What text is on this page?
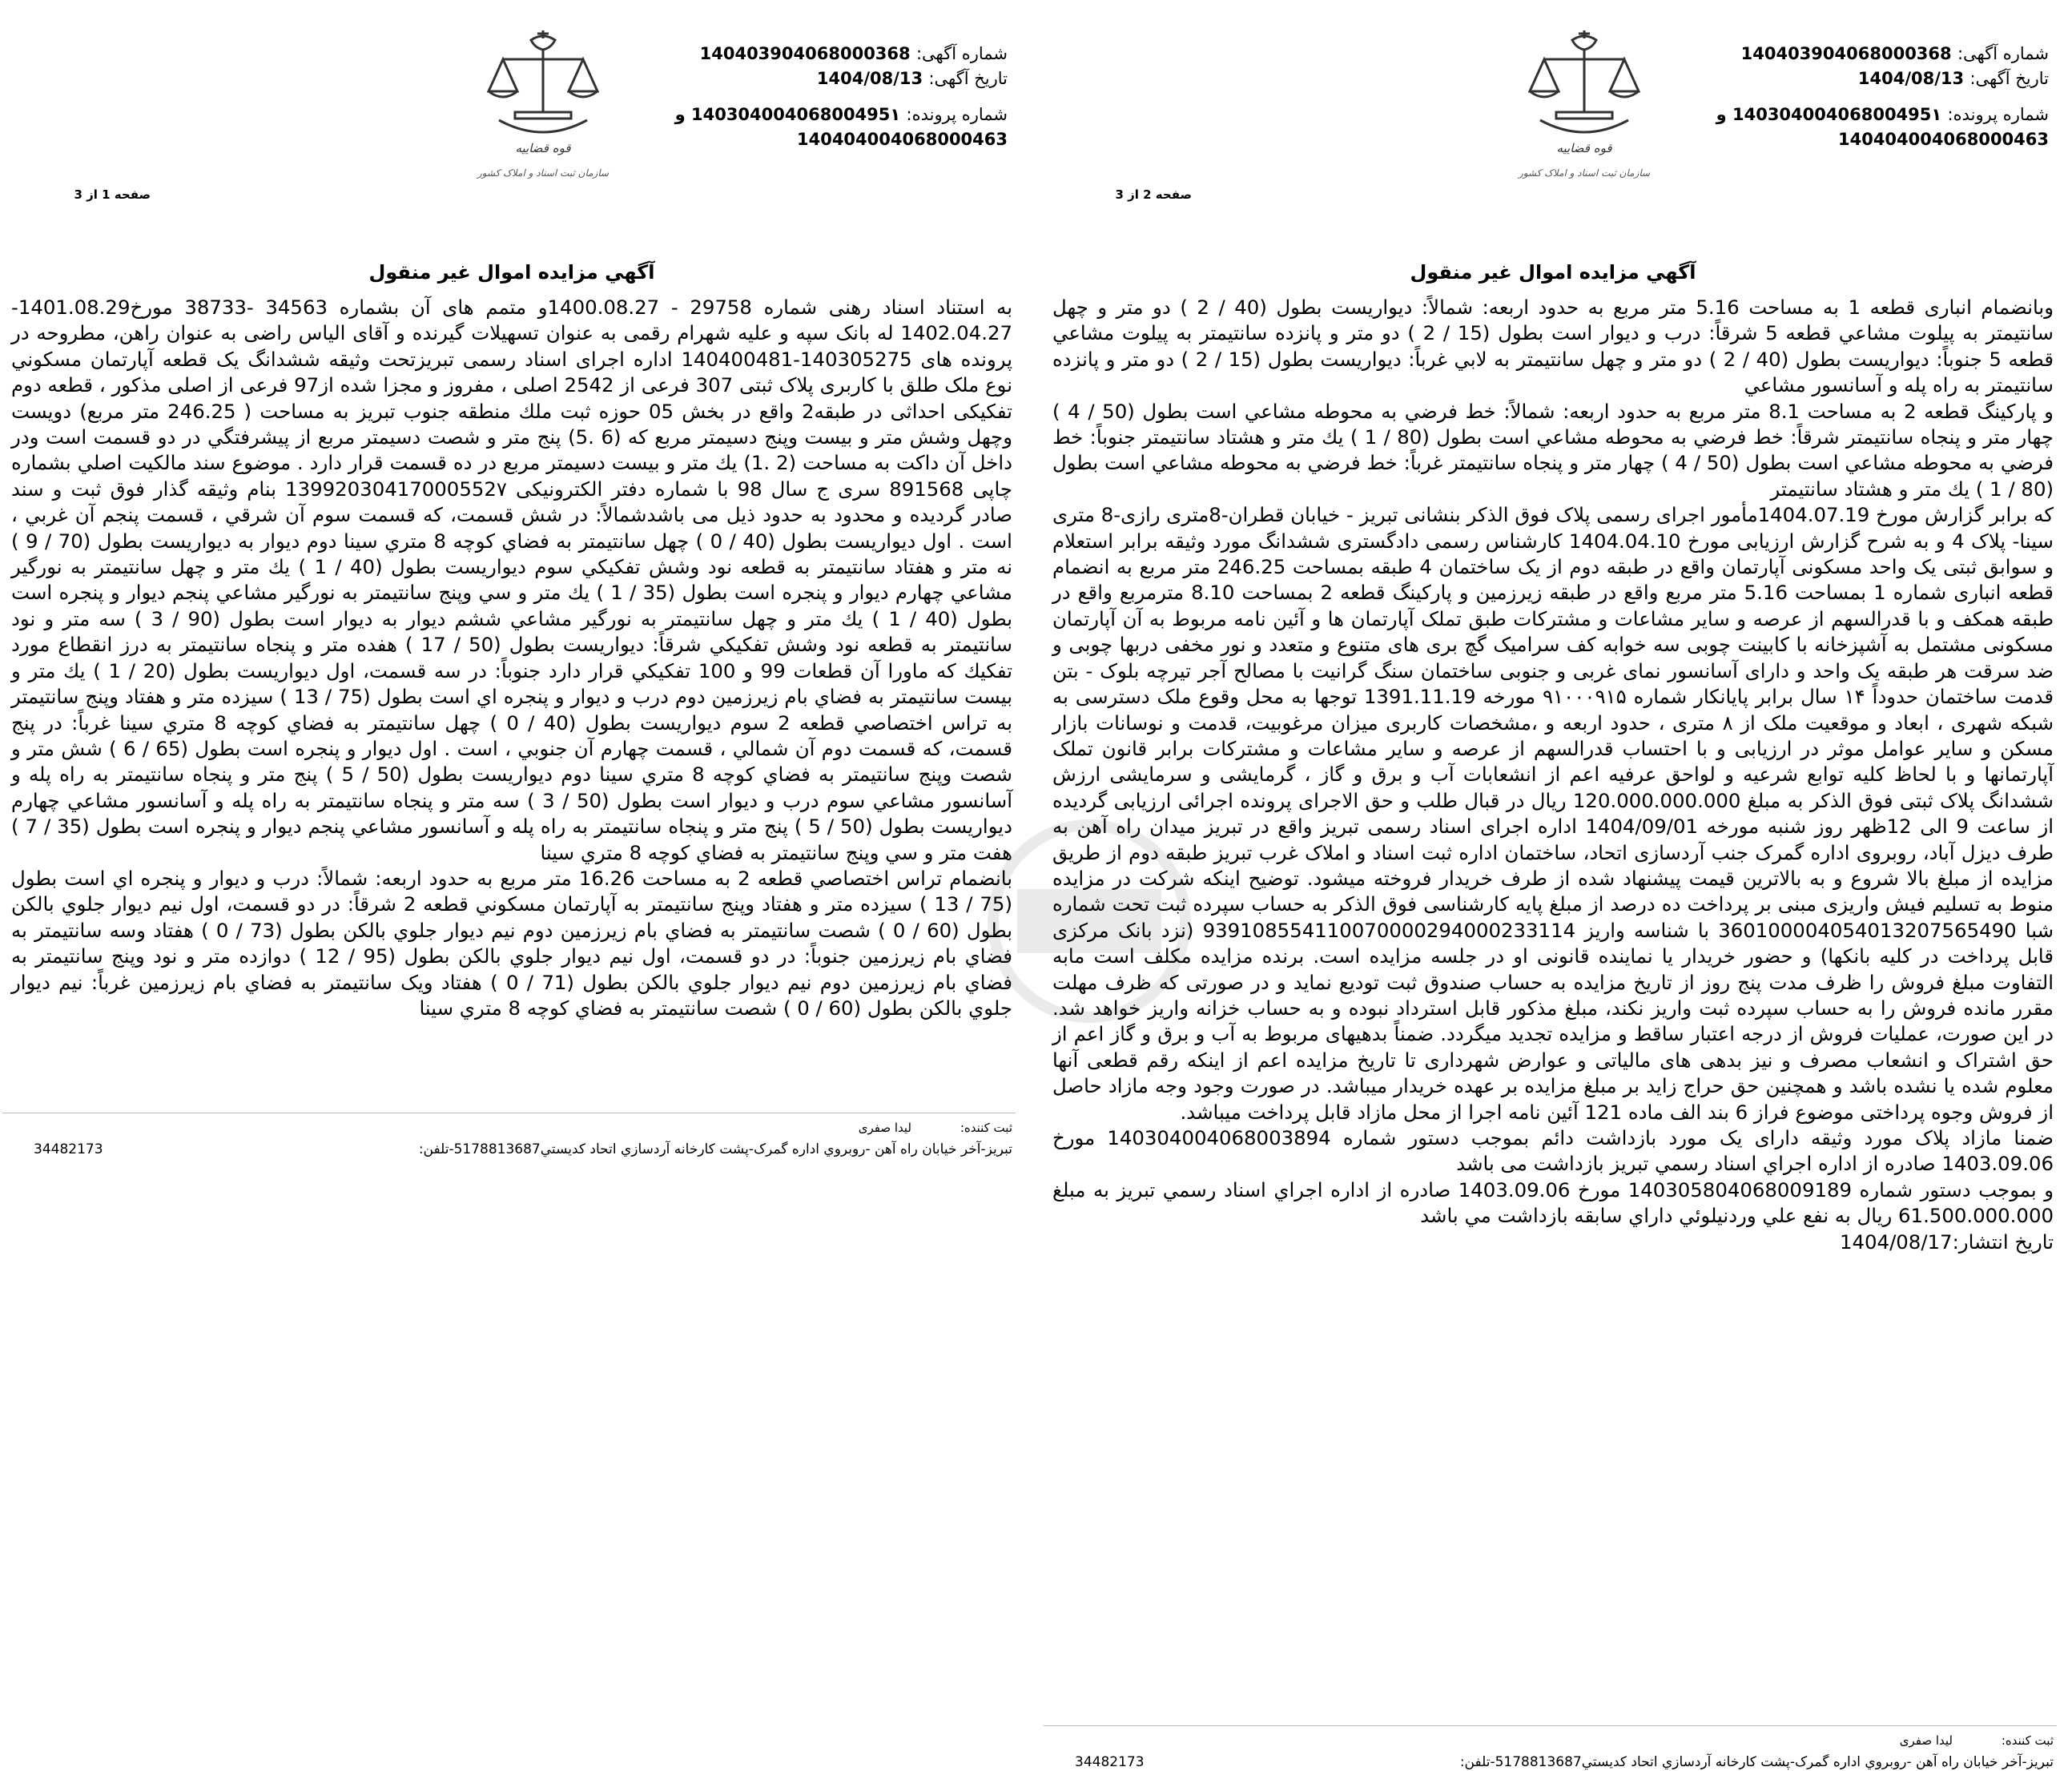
شماره آگهی: 140403904068000368
تاریخ آگهی: 1404/08/13
شماره پرونده: 14030400406800495۱ و
140404004068000463
قوه قضاییه
سازمان ثبت اسناد و املاک کشور
صفحه 1 از 3
آگهي مزايده اموال غير منقول

به استناد اسناد رهنی شماره 29758 - 1400.08.27و متمم های آن بشماره 34563 -38733 مورخ1401.08.29-1402.04.27 له بانک سپه و علیه شهرام رقمی به عنوان تسهیلات گیرنده و آقای الیاس راضی به عنوان راهن، مطروحه در پرونده های 140305275-140400481 اداره اجرای اسناد رسمی تبریزتحت وثیقه ششدانگ یک قطعه آپارتمان مسکوني نوع ملک طلق با کاربری پلاک ثبتی 307 فرعی از 2542 اصلی ، مفروز و مجزا شده از97 فرعی از اصلی مذکور ، قطعه دوم تفکیکی احداثی در طبقه2 واقع در بخش 05 حوزه ثبت ملك منطقه جنوب تبريز به مساحت ( 246.25 متر مربع) دويست وچهل وشش متر و بيست وپنج دسيمتر مربع كه (6 .5) پنج متر و شصت دسيمتر مربع از پيشرفتگي در دو قسمت است ودر داخل آن داكت به مساحت (2 .1) يك متر و بيست دسيمتر مربع در ده قسمت قرار دارد . موضوع سند مالكيت اصلي بشماره چاپی 891568 سری ج سال 98 با شماره دفتر الکترونیکی 13992030417000552۷ بنام وثیقه گذار فوق ثبت و سند صادر گردیده و محدود به حدود ذيل می باشدشمالاً: در شش قسمت، كه قسمت سوم آن شرقي ، قسمت پنجم آن غربي ، است . اول ديواريست بطول (40 / 0 ) چهل سانتيمتر به فضاي كوچه 8 متري سينا دوم ديوار به ديواريست بطول (70 / 9 ) نه متر و هفتاد سانتيمتر به قطعه نود وشش تفكيكي سوم ديواريست بطول (40 / 1 ) يك متر و چهل سانتيمتر به نورگير مشاعي چهارم ديوار و پنجره است بطول (35 / 1 ) يك متر و سي وپنج سانتيمتر به نورگير مشاعي پنجم ديوار و پنجره است بطول (40 / 1 ) يك متر و چهل سانتيمتر به نورگير مشاعي ششم ديوار به ديوار است بطول (90 / 3 ) سه متر و نود سانتيمتر به قطعه نود وشش تفكيكي شرقاً: ديواريست بطول (50 / 17 ) هفده متر و پنجاه سانتيمتر به درز انقطاع مورد تفكيك كه ماورا آن قطعات 99 و 100 تفكيكي قرار دارد جنوباً: در سه قسمت، اول ديواريست بطول (20 / 1 ) يك متر و بيست سانتيمتر به فضاي بام زيرزمين دوم درب و ديوار و پنجره اي است بطول (75 / 13 ) سيزده متر و هفتاد وپنج سانتيمتر به تراس اختصاصي قطعه 2 سوم ديواريست بطول (40 / 0 ) چهل سانتيمتر به فضاي كوچه 8 متري سينا غرباً: در پنج قسمت، كه قسمت دوم آن شمالي ، قسمت چهارم آن جنوبي ، است . اول ديوار و پنجره است بطول (65 / 6 ) شش متر و شصت وپنج سانتيمتر به فضاي كوچه 8 متري سينا دوم ديواريست بطول (50 / 5 ) پنج متر و پنجاه سانتيمتر به راه پله و آسانسور مشاعي سوم درب و ديوار است بطول (50 / 3 ) سه متر و پنجاه سانتيمتر به راه پله و آسانسور مشاعي چهارم ديواريست بطول (50 / 5 ) پنج متر و پنجاه سانتيمتر به راه پله و آسانسور مشاعي پنجم ديوار و پنجره است بطول (35 / 7 ) هفت متر و سي وپنج سانتيمتر به فضاي كوچه 8 متري سينا

بانضمام تراس اختصاصي قطعه 2 به مساحت 16.26 متر مربع به حدود اربعه: شمالاً: درب و ديوار و پنجره اي است بطول (75 / 13 ) سيزده متر و هفتاد وپنج سانتيمتر به آپارتمان مسكوني قطعه 2 شرقاً: در دو قسمت، اول نيم ديوار جلوي بالكن بطول (60 / 0 ) شصت سانتيمتر به فضاي بام زيرزمين دوم نيم ديوار جلوي بالكن بطول (73 / 0 ) هفتاد وسه سانتيمتر به فضاي بام زيرزمين جنوباً: در دو قسمت، اول نيم ديوار جلوي بالكن بطول (95 / 12 ) دوازده متر و نود وپنج سانتيمتر به فضاي بام زيرزمين دوم نيم ديوار جلوي بالكن بطول (71 / 0 ) هفتاد ويک سانتيمتر به فضاي بام زيرزمين غرباً: نيم ديوار جلوي بالكن بطول (60 / 0 ) شصت سانتيمتر به فضاي كوچه 8 متري سينا

ثبت کننده:
لیدا صفری
تبريز-آخر خيابان راه آهن -روبروي اداره گمرک-پشت کارخانه آردسازي اتحاد کديستي5178813687-تلفن:
34482173
شماره آگهی: 140403904068000368
تاریخ آگهی: 1404/08/13
شماره پرونده: 14030400406800495۱ و
140404004068000463
قوه قضاییه
سازمان ثبت اسناد و املاک کشور
صفحه 2 از 3
آگهي مزايده اموال غير منقول

وبانضمام انباری قطعه 1 به مساحت 5.16 متر مربع به حدود اربعه: شمالاً: ديواريست بطول (40 / 2 ) دو متر و چهل سانتيمتر به پيلوت مشاعي قطعه 5 شرقاً: درب و ديوار است بطول (15 / 2 ) دو متر و پانزده سانتيمتر به پيلوت مشاعي قطعه 5 جنوباً: ديواريست بطول (40 / 2 ) دو متر و چهل سانتيمتر به لابي غرباً: ديواريست بطول (15 / 2 ) دو متر و پانزده سانتيمتر به راه پله و آسانسور مشاعي

و پاركينگ قطعه 2 به مساحت 8.1 متر مربع به حدود اربعه: شمالاً: خط فرضي به محوطه مشاعي است بطول (50 / 4 ) چهار متر و پنجاه سانتيمتر شرقاً: خط فرضي به محوطه مشاعي است بطول (80 / 1 ) يك متر و هشتاد سانتيمتر جنوباً: خط فرضي به محوطه مشاعي است بطول (50 / 4 ) چهار متر و پنجاه سانتيمتر غرباً: خط فرضي به محوطه مشاعي است بطول (80 / 1 ) يك متر و هشتاد سانتيمتر

كه برابر گزارش مورخ 1404.07.19مأمور اجرای رسمی پلاک فوق الذکر بنشانی تبریز - خیابان قطران-8متری رازی-8 متری سینا- پلاک 4 و به شرح گزارش ارزیابی مورخ 1404.04.10 کارشناس رسمی دادگستری ششدانگ مورد وثیقه برابر استعلام و سوابق ثبتی یک واحد مسکونی آپارتمان واقع در طبقه دوم از یک ساختمان 4 طبقه بمساحت 246.25 متر مربع به انضمام قطعه انباری شماره 1 بمساحت 5.16 متر مربع واقع در طبقه زیرزمین و پارکینگ قطعه 2 بمساحت 8.10 مترمربع واقع در طبقه همکف و با قدرالسهم از عرصه و سایر مشاعات و مشترکات طبق تملک آپارتمان ها و آئین نامه مربوط به آن آپارتمان مسکونی مشتمل به آشپزخانه با کابینت چوبی سه خوابه کف سرامیک گچ بری های متنوع و متعدد و نور مخفی دربها چوبی و ضد سرقت هر طبقه یک واحد و دارای آسانسور نمای غربی و جنوبی ساختمان سنگ گرانیت با مصالح آجر تیرچه بلوک - بتن قدمت ساختمان حدوداً ۱۴ سال برابر پایانکار شماره ۹۱۰۰۰۹۱۵ مورخه 1391.11.19 توجها به محل وقوع ملک دسترسی به شبکه شهری ، ابعاد و موقعیت ملک از ۸ متری ، حدود اربعه و ،مشخصات کاربری میزان مرغوبیت، قدمت و نوسانات بازار مسکن و سایر عوامل موثر در ارزیابی و با احتساب قدرالسهم از عرصه و سایر مشاعات و مشترکات برابر قانون تملک آپارتمانها و با لحاظ کلیه توابع شرعیه و لواحق عرفیه اعم از انشعابات آب و برق و گاز ، گرمایشی و سرمایشی ارزش ششدانگ پلاک ثبتی فوق الذکر به مبلغ 120.000.000.000 ریال در قبال طلب و حق الاجرای پرونده اجرائی ارزیابی گرديده از ساعت 9 الی 12ظهر روز شنبه مورخه 1404/09/01 اداره اجرای اسناد رسمی تبریز واقع در تبریز میدان راه آهن به طرف دیزل آباد، روبروی اداره گمرک جنب آردسازی اتحاد، ساختمان اداره ثبت اسناد و املاک غرب تبریز طبقه دوم از طریق مزایده از مبلغ بالا شروع و به بالاترین قیمت پیشنهاد شده از طرف خریدار فروخته میشود. توضیح اینکه شرکت در مزایده منوط به تسلیم فیش واریزی مبنی بر پرداخت ده درصد از مبلغ پایه کارشناسی فوق الذکر به حساب سپرده ثبت تحت شماره شبا 360100004054013207565490 با شناسه واریز 939108554110070000294000233114 (نزد بانک مرکزی قابل پرداخت در کلیه بانکها) و حضور خریدار یا نماینده قانونی او در جلسه مزایده است. برنده مزایده مکلف است مابه التفاوت مبلغ فروش را ظرف مدت پنج روز از تاریخ مزایده به حساب صندوق ثبت تودیع نماید و در صورتی که ظرف مهلت مقرر مانده فروش را به حساب سپرده ثبت واریز نکند، مبلغ مذکور قابل استرداد نبوده و به حساب خزانه واریز خواهد شد. در این صورت، عملیات فروش از درجه اعتبار ساقط و مزایده تجدید میگردد. ضمناً بدهیهای مربوط به آب و برق و گاز اعم از حق اشتراک و انشعاب مصرف و نیز بدهی های مالیاتی و عوارض شهرداری تا تاریخ مزایده اعم از اینکه رقم قطعی آنها معلوم شده یا نشده باشد و همچنین حق حراج زاید بر مبلغ مزایده بر عهده خریدار میباشد. در صورت وجود وجه مازاد حاصل از فروش وجوه پرداختی موضوع فراز 6 بند الف ماده 121 آئین نامه اجرا از محل مازاد قابل پرداخت میباشد.

ضمنا مازاد پلاک مورد وثیقه دارای یک مورد بازداشت دائم بموجب دستور شماره 140304004068003894 مورخ 1403.09.06 صادره از اداره اجراي اسناد رسمي تبريز بازداشت می باشد

و بموجب دستور شماره 140305804068009189 مورخ 1403.09.06 صادره از اداره اجراي اسناد رسمي تبريز به مبلغ 61.500.000.000 ريال به نفع علي وردنيلوئي داراي سابقه بازداشت مي باشد

تاریخ انتشار:1404/08/17

ثبت کننده:
لیدا صفری
تبريز-آخر خيابان راه آهن -روبروي اداره گمرک-پشت کارخانه آردسازي اتحاد کديستي5178813687-تلفن:
34482173
